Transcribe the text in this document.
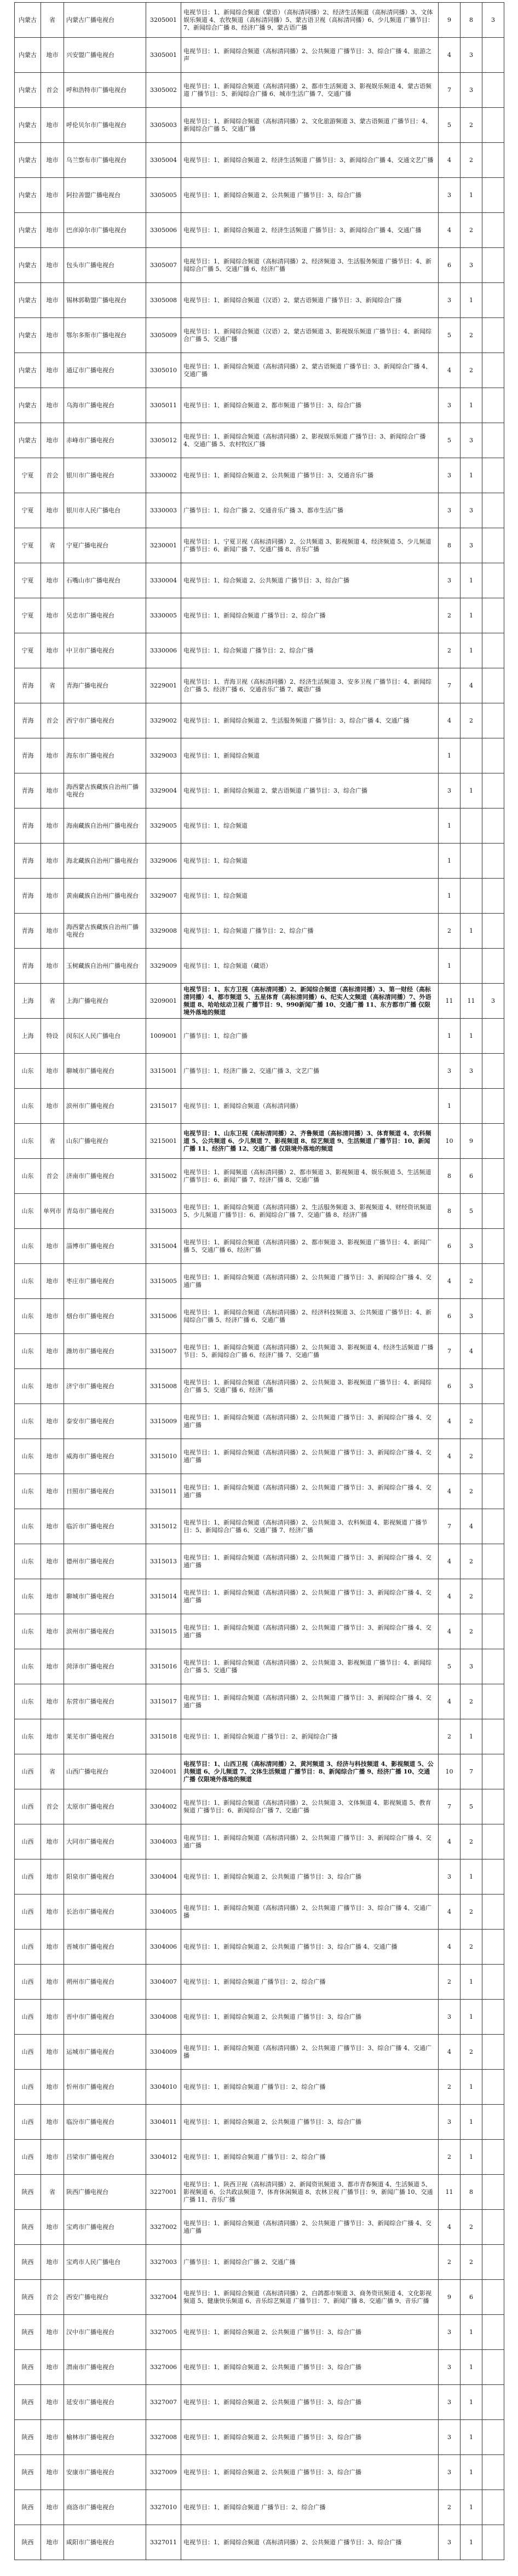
内蒙古	省	内蒙古广播电视台	3205001	电视节目：1、新闻综合频道（蒙语）（高标清同播）2、经济生活频道（高标清同播）3、文体娱乐频道 4、农牧频道（高标清同播）5、蒙古语卫视（高标清同播）6、少儿频道 广播节目：7、新闻综合广播 8、经济广播 9、蒙古语广播	9	8	3
内蒙古	地市	兴安盟广播电视台	3305001	电视节目：1、新闻综合频道（高标清同播）2、公共频道 广播节目：3、综合广播 4、旅游之声	4	3	
内蒙古	首会	呼和浩特市广播电视台	3305002	电视节目：1、新闻综合频道（高标清同播）2、都市生活频道 3、影视娱乐频道 4、蒙古语频道 广播节目：5、新闻综合广播 6、城市生活广播 7、交通广播	7	3	
内蒙古	地市	呼伦贝尔市广播电视台	3305003	电视节目：1、新闻综合频道（高标清同播）2、文化旅游频道 3、蒙古语频道 广播节目：4、新闻综合广播 5、交通广播	5	2	
内蒙古	地市	乌兰察布市广播电视台	3305004	电视节目：1、新闻综合频道 2、经济生活频道 广播节目：3、新闻综合广播 4、交通文艺广播	4	2	
内蒙古	地市	阿拉善盟广播电视台	3305005	电视节目：1、新闻综合频道 2、公共频道 广播节目：3、综合广播	3	1	
内蒙古	地市	巴彦淖尔市广播电视台	3305006	电视节目：1、新闻综合频道 2、经济生活频道 广播节目：3、新闻综合广播 4、交通广播	4	2	
内蒙古	地市	包头市广播电视台	3305007	电视节目：1、新闻综合频道（高标清同播）2、经济频道 3、生活服务频道 广播节目：4、新闻综合广播 5、交通广播 6、经济广播	6	3	
内蒙古	地市	锡林郭勒盟广播电视台	3305008	电视节目：1、新闻综合频道（汉语）2、蒙古语频道 广播节目：3、新闻综合广播	3	1	
内蒙古	地市	鄂尔多斯市广播电视台	3305009	电视节目：1、新闻综合频道（汉语）2、蒙古语频道 3、影视娱乐频道 广播节目：4、新闻综合广播 5、交通广播	5	2	
内蒙古	地市	通辽市广播电视台	3305010	电视节目：1、新闻综合频道（高标清同播）2、蒙古语频道 广播节目：3、新闻综合广播 4、交通广播	4	2	
内蒙古	地市	乌海市广播电视台	3305011	电视节目：1、新闻综合频道 2、都市频道 广播节目：3、综合广播	3	1	
内蒙古	地市	赤峰市广播电视台	3305012	电视节目：1、新闻综合频道（高标清同播）2、影视娱乐频道 广播节目：3、新闻综合广播 4、交通广播 5、农村牧区广播	5	3	
宁夏	首会	银川市广播电视台	3330002	电视节目：1、新闻综合频道 2、公共频道 广播节目：3、交通音乐广播	3	1	
宁夏	地市	银川市人民广播电台	3330003	广播节目：1、综合广播 2、交通音乐广播 3、都市生活广播	3	3	
宁夏	省	宁夏广播电视台	3230001	电视节目：1、宁夏卫视（高标清同播）2、公共频道 3、影视频道 4、经济频道 5、少儿频道 广播节目：6、新闻广播 7、交通广播 8、音乐广播	8	3	
宁夏	地市	石嘴山市广播电视台	3330004	电视节目：1、综合频道 2、公共频道 广播节目：3、综合广播	3	1	
宁夏	地市	吴忠市广播电视台	3330005	电视节目：1、新闻综合频道 广播节目：2、综合广播	2	1	
宁夏	地市	中卫市广播电视台	3330006	电视节目：1、综合频道 广播节目：2、综合广播	2	1	
青海	省	青海广播电视台	3229001	电视节目：1、青海卫视（高标清同播）2、经济生活频道 3、安多卫视 广播节目：4、新闻综合广播 5、经济广播 6、交通音乐广播 7、藏语广播	7	4	
青海	首会	西宁市广播电视台	3329002	电视节目：1、新闻综合频道 2、生活服务频道 广播节目：3、综合广播 4、交通广播	4	2	
青海	地市	海东市广播电视台	3329003	电视节目：1、新闻综合频道	1		
青海	地市	海西蒙古族藏族自治州广播电视台	3329004	电视节目：1、新闻综合频道 2、蒙古语频道 广播节目：3、综合广播	3	1	
青海	地市	海南藏族自治州广播电视台	3329005	电视节目：1、综合频道	1		
青海	地市	海北藏族自治州广播电视台	3329006	电视节目：1、综合频道	1		
青海	地市	黄南藏族自治州广播电视台	3329007	电视节目：1、综合频道	1		
青海	地市	海西蒙古族藏族自治州广播电视台	3329008	电视节目：1、综合频道 广播节目：2、综合广播	2	1	
青海	地市	玉树藏族自治州广播电视台	3329009	电视节目：1、综合频道（藏语）	1		
上海	省	上海广播电视台	3209001	电视节目：1、东方卫视（高标清同播）2、新闻综合频道（高标清同播）3、第一财经（高标清同播）4、都市频道 5、五星体育（高标清同播）6、纪实人文频道（高标清同播）7、外语频道 8、哈哈炫动卫视 广播节目：9、990新闻广播 10、交通广播 11、东方都市广播 仅限境外落地的频道	11	11	3
上海	特设	闵东区人民广播电台	1009001	广播节目：1、综合广播	1	1	
山东	地市	聊城市广播电视台	3315001	广播节目：1、经济广播 2、交通广播 3、文艺广播	3	3	
山东	地市	滨州市广播电视台	2315017	电视节目：1、新闻综合频道（高标清同播）	1		
山东	省	山东广播电视台	3215001	电视节目：1、山东卫视（高标清同播）2、齐鲁频道（高标清同播）3、体育频道 4、农科频道 5、公共频道 6、少儿频道 7、影视频道 8、综艺频道 9、生活频道 广播节目：10、新闻广播 11、经济广播 12、交通广播 仅限境外落地的频道	10	9	
山东	首会	济南市广播电视台	3315002	电视节目：1、新闻频道（高标清同播）2、都市频道 3、影视频道 4、娱乐频道 5、生活频道 广播节目：6、新闻广播 7、经济广播 8、交通广播	8	6	
山东	单列市	青岛市广播电视台	3315003	电视节目：1、新闻综合频道（高标清同播）2、生活服务频道 3、影视频道 4、财经资讯频道 5、少儿频道 广播节目：6、新闻综合广播 7、交通广播 8、经济广播	8	5	
山东	地市	淄博市广播电视台	3315004	电视节目：1、新闻综合频道（高标清同播）2、都市频道 3、影视频道 广播节目：4、新闻广播 5、交通广播 6、经济广播	6	3	
山东	地市	枣庄市广播电视台	3315005	电视节目：1、新闻综合频道（高标清同播）2、公共频道 广播节目：3、新闻综合广播 4、交通广播	4	2	
山东	地市	烟台市广播电视台	3315006	电视节目：1、新闻综合频道（高标清同播）2、经济科技频道 3、公共频道 广播节目：4、新闻综合广播 5、经济广播 6、交通广播	6	3	
山东	地市	潍坊市广播电视台	3315007	电视节目：1、新闻综合频道（高标清同播）2、公共频道 3、影视频道 4、经济生活频道 广播节目：5、新闻综合广播 6、经济广播 7、交通广播	7	4	
山东	地市	济宁市广播电视台	3315008	电视节目：1、新闻综合频道（高标清同播）2、公共频道 3、影视频道 广播节目：4、新闻综合广播 5、交通广播 6、经济广播	6	3	
山东	地市	泰安市广播电视台	3315009	电视节目：1、新闻综合频道（高标清同播）2、公共频道 广播节目：3、新闻综合广播 4、交通广播	4	2	
山东	地市	威海市广播电视台	3315010	电视节目：1、新闻综合频道（高标清同播）2、公共频道 广播节目：3、新闻综合广播 4、交通广播	4	2	
山东	地市	日照市广播电视台	3315011	电视节目：1、新闻综合频道（高标清同播）2、公共频道 广播节目：3、新闻综合广播 4、交通广播	4	2	
山东	地市	临沂市广播电视台	3315012	电视节目：1、新闻综合频道（高标清同播）2、公共频道 3、农科频道 4、影视频道 广播节目：5、新闻综合广播 6、交通广播 7、经济广播	7	4	
山东	地市	德州市广播电视台	3315013	电视节目：1、新闻综合频道（高标清同播）2、公共频道 广播节目：3、新闻综合广播 4、交通广播	4	2	
山东	地市	聊城市广播电视台	3315014	电视节目：1、新闻综合频道（高标清同播）2、公共频道 广播节目：3、新闻综合广播 4、交通广播	4	2	
山东	地市	滨州市广播电视台	3315015	电视节目：1、新闻综合频道（高标清同播）2、公共频道 广播节目：3、新闻综合广播 4、交通广播	4	2	
山东	地市	菏泽市广播电视台	3315016	电视节目：1、新闻综合频道（高标清同播）2、公共频道 3、影视频道 广播节目：4、新闻综合广播 5、交通广播	5	3	
山东	地市	东营市广播电视台	3315017	电视节目：1、新闻综合频道（高标清同播）2、公共频道 广播节目：3、新闻综合广播 4、交通广播	4	2	
山东	地市	莱芜市广播电视台	3315018	电视节目：1、新闻综合频道 广播节目：2、新闻综合广播	2	1	
山西	省	山西广播电视台	3204001	电视节目：1、山西卫视（高标清同播）2、黄河频道 3、经济与科技频道 4、影视频道 5、公共频道 6、少儿频道 7、文体生活频道 广播节目：8、新闻综合广播 9、经济广播 10、交通广播 仅限境外落地的频道	10	7	
山西	首会	太原市广播电视台	3304002	电视节目：1、新闻综合频道（高标清同播）2、公共频道 3、文体频道 4、影视频道 5、教育频道 广播节目：6、新闻综合广播 7、交通广播	7	5	
山西	地市	大同市广播电视台	3304003	电视节目：1、新闻综合频道（高标清同播）2、公共频道 广播节目：3、新闻综合广播 4、交通广播	4	2	
山西	地市	阳泉市广播电视台	3304004	电视节目：1、新闻综合频道 2、公共频道 广播节目：3、综合广播	3	1	
山西	地市	长治市广播电视台	3304005	电视节目：1、新闻综合频道（高标清同播）2、公共频道 广播节目：3、综合广播 4、交通广播	4	2	
山西	地市	晋城市广播电视台	3304006	电视节目：1、新闻综合频道 2、公共频道 广播节目：3、综合广播 4、交通广播	4	2	
山西	地市	朔州市广播电视台	3304007	电视节目：1、新闻综合频道 广播节目：2、综合广播	2	1	
山西	地市	晋中市广播电视台	3304008	电视节目：1、新闻综合频道 2、公共频道 广播节目：3、综合广播	3	1	
山西	地市	运城市广播电视台	3304009	电视节目：1、新闻综合频道（高标清同播）2、公共频道 广播节目：3、综合广播 4、交通广播	4	2	
山西	地市	忻州市广播电视台	3304010	电视节目：1、新闻综合频道 广播节目：2、综合广播	2	1	
山西	地市	临汾市广播电视台	3304011	电视节目：1、新闻综合频道 2、公共频道 广播节目：3、综合广播	3	1	
山西	地市	吕梁市广播电视台	3304012	电视节目：1、新闻综合频道 广播节目：2、综合广播	2	1	
陕西	省	陕西广播电视台	3227001	电视节目：1、陕西卫视（高标清同播）2、新闻资讯频道 3、都市青春频道 4、生活频道 5、影视频道 6、公共政法频道 7、体育休闲频道 8、农林卫视 广播节目：9、新闻广播 10、交通广播 11、音乐广播	11	8	
陕西	地市	宝鸡市广播电视台	3327002	电视节目：1、新闻综合频道（高标清同播）2、公共频道 广播节目：3、新闻综合广播 4、交通广播	4	2	
陕西	地市	宝鸡市人民广播电台	3327003	广播节目：1、新闻综合广播 2、交通广播	2	2	
陕西	首会	西安广播电视台	3327004	电视节目：1、新闻综合频道（高标清同播）2、白鸽都市频道 3、商务资讯频道 4、文化影视频道 5、健康快乐频道 6、音乐综艺频道 广播节目：7、新闻广播 8、交通广播 9、音乐广播	9	6	
陕西	地市	汉中市广播电视台	3327005	电视节目：1、新闻综合频道 2、公共频道 广播节目：3、综合广播	3	1	
陕西	地市	渭南市广播电视台	3327006	电视节目：1、新闻综合频道 2、公共频道 广播节目：3、综合广播	3	1	
陕西	地市	延安市广播电视台	3327007	电视节目：1、新闻综合频道 2、公共频道 广播节目：3、综合广播	3	1	
陕西	地市	榆林市广播电视台	3327008	电视节目：1、新闻综合频道 2、公共频道 广播节目：3、综合广播	3	1	
陕西	地市	安康市广播电视台	3327009	电视节目：1、新闻综合频道 2、公共频道 广播节目：3、综合广播	3	1	
陕西	地市	商洛市广播电视台	3327010	电视节目：1、新闻综合频道 广播节目：2、综合广播	2	1	
陕西	地市	咸阳市广播电视台	3327011	电视节目：1、新闻综合频道（高标清同播）2、公共频道 广播节目：3、综合广播	3	1	
